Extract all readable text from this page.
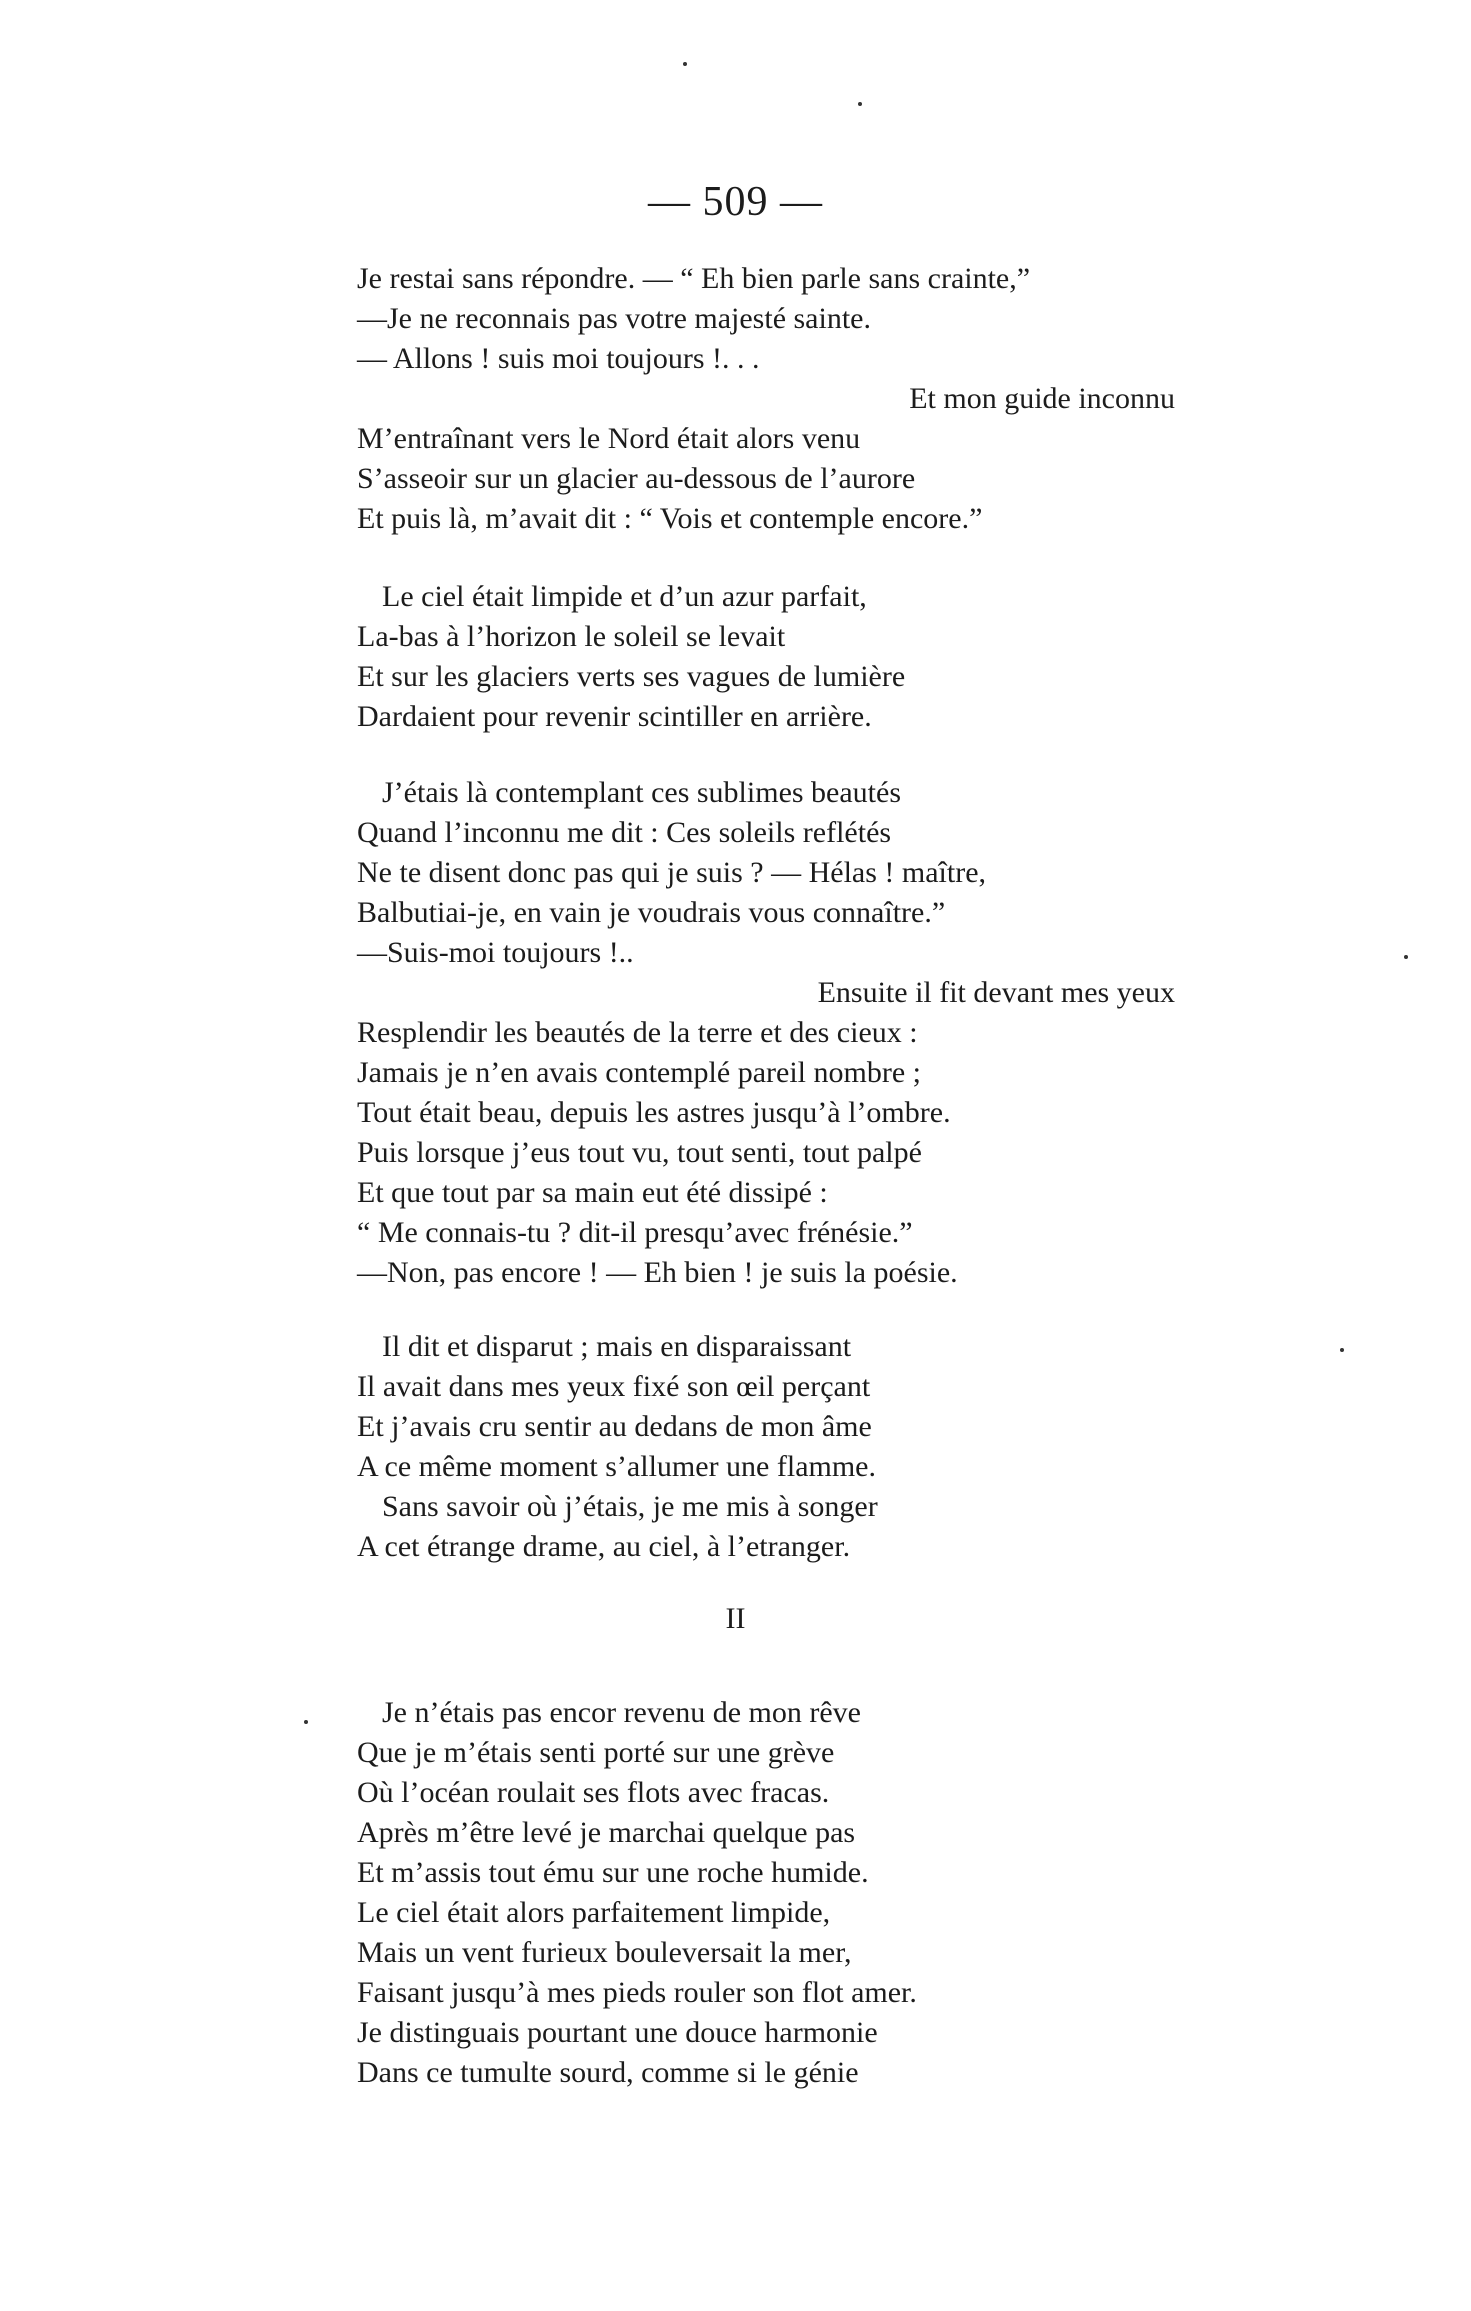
— 509 —
Je restai sans répondre. — “ Eh bien parle sans crainte,”
—Je ne reconnais pas votre majesté sainte.
— Allons ! suis moi toujours !. . .
Et mon guide inconnu
M’entraînant vers le Nord était alors venu
S’asseoir sur un glacier au-dessous de l’aurore
Et puis là, m’avait dit : “ Vois et contemple encore.”
Le ciel était limpide et d’un azur parfait,
La-bas à l’horizon le soleil se levait
Et sur les glaciers verts ses vagues de lumière
Dardaient pour revenir scintiller en arrière.
J’étais là contemplant ces sublimes beautés
Quand l’inconnu me dit : Ces soleils reflétés
Ne te disent donc pas qui je suis ? — Hélas ! maître,
Balbutiai-je, en vain je voudrais vous connaître.”
—Suis-moi toujours !..
Ensuite il fit devant mes yeux
Resplendir les beautés de la terre et des cieux :
Jamais je n’en avais contemplé pareil nombre ;
Tout était beau, depuis les astres jusqu’à l’ombre.
Puis lorsque j’eus tout vu, tout senti, tout palpé
Et que tout par sa main eut été dissipé :
“ Me connais-tu ? dit-il presqu’avec frénésie.”
—Non, pas encore ! — Eh bien ! je suis la poésie.
Il dit et disparut ; mais en disparaissant
Il avait dans mes yeux fixé son œil perçant
Et j’avais cru sentir au dedans de mon âme
A ce même moment s’allumer une flamme.
Sans savoir où j’étais, je me mis à songer
A cet étrange drame, au ciel, à l’etranger.
II
Je n’étais pas encor revenu de mon rêve
Que je m’étais senti porté sur une grève
Où l’océan roulait ses flots avec fracas.
Après m’être levé je marchai quelque pas
Et m’assis tout ému sur une roche humide.
Le ciel était alors parfaitement limpide,
Mais un vent furieux bouleversait la mer,
Faisant jusqu’à mes pieds rouler son flot amer.
Je distinguais pourtant une douce harmonie
Dans ce tumulte sourd, comme si le génie
